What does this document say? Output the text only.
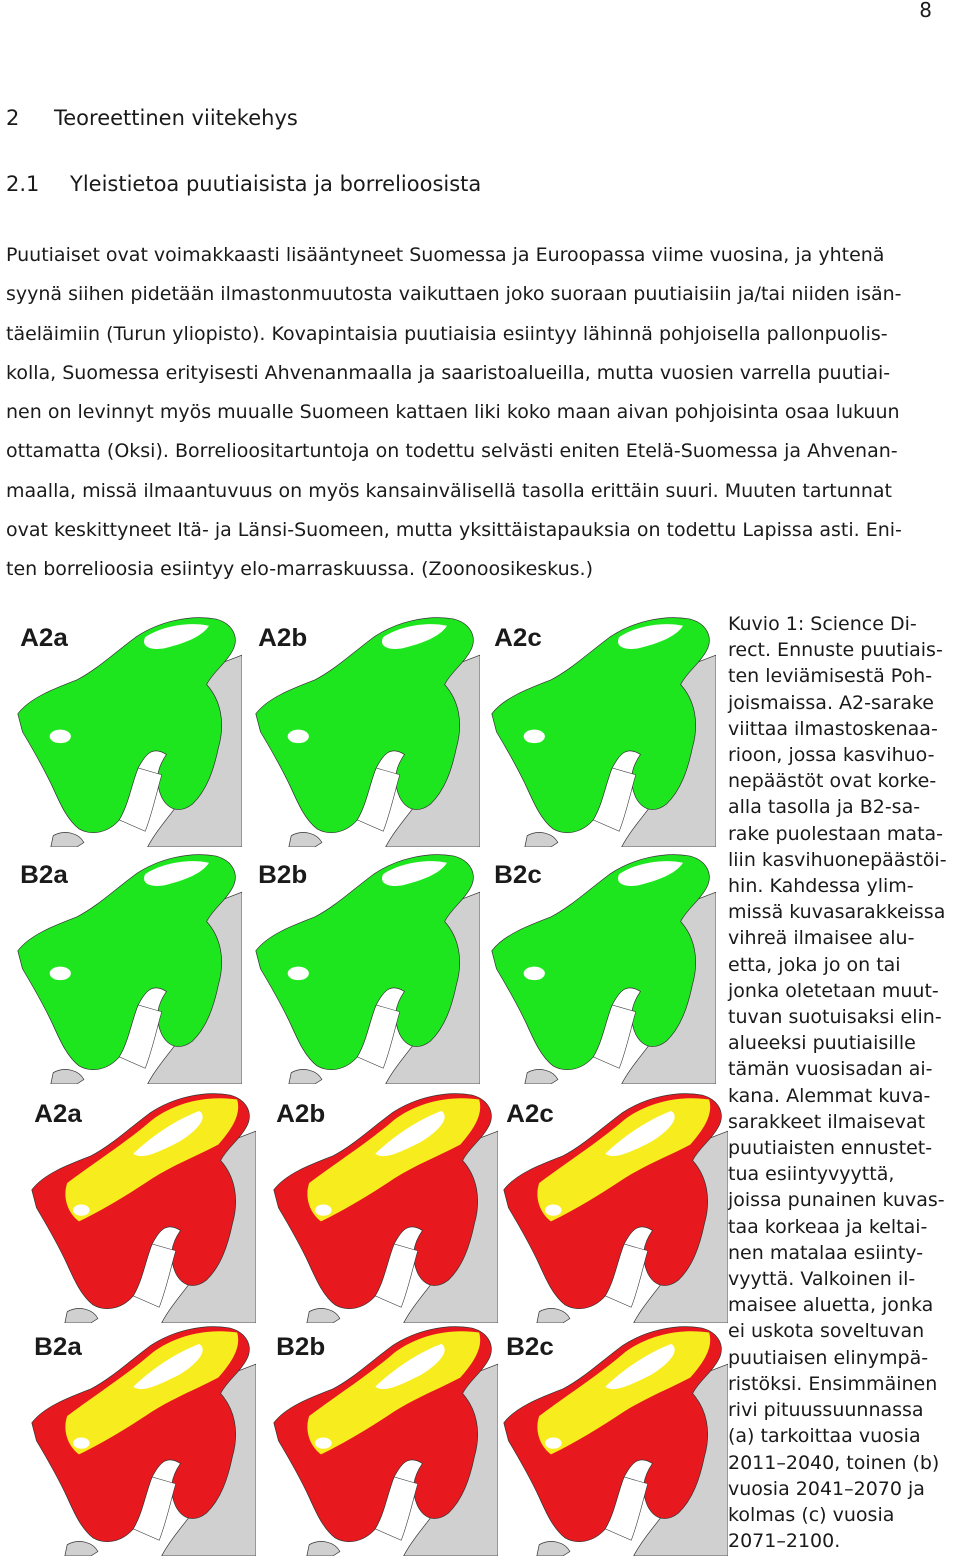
8
2 Teoreettinen viitekehys
2.1 Yleistietoa puutiaisista ja borrelioosista

Puutiaiset ovat voimakkaasti lisääntyneet Suomessa ja Euroopassa viime vuosina, ja yhtenä
syynä siihen pidetään ilmastonmuutosta vaikuttaen joko suoraan puutiaisiin ja/tai niiden isän-
täeläimiin (Turun yliopisto). Kovapintaisia puutiaisia esiintyy lähinnä pohjoisella pallonpuolis-
kolla, Suomessa erityisesti Ahvenanmaalla ja saaristoalueilla, mutta vuosien varrella puutiai-
nen on levinnyt myös muualle Suomeen kattaen liki koko maan aivan pohjoisinta osaa lukuun
ottamatta (Oksi). Borrelioositartuntoja on todettu selvästi eniten Etelä-Suomessa ja Ahvenan-
maalla, missä ilmaantuvuus on myös kansainvälisellä tasolla erittäin suuri. Muuten tartunnat
ovat keskittyneet Itä- ja Länsi-Suomeen, mutta yksittäistapauksia on todettu Lapissa asti. Eni-
ten borrelioosia esiintyy elo-marraskuussa. (Zoonoosikeskus.)

A2a	A2b	A2c
B2a	B2b	B2c
A2a	A2b	A2c
B2a	B2b	B2c
Kuvio 1: Science Di-
rect. Ennuste puutiais-
ten leviämisestä Poh-
joismaissa. A2-sarake
viittaa ilmastoskenaa-
rioon, jossa kasvihuo-
nepäästöt ovat korke-
alla tasolla ja B2-sa-
rake puolestaan mata-
liin kasvihuonepäästöi-
hin. Kahdessa ylim-
missä kuvasarakkeissa
vihreä ilmaisee alu-
etta, joka jo on tai
jonka oletetaan muut-
tuvan suotuisaksi elin-
alueeksi puutiaisille
tämän vuosisadan ai-
kana. Alemmat kuva-
sarakkeet ilmaisevat
puutiaisten ennustet-
tua esiintyvyyttä,
joissa punainen kuvas-
taa korkeaa ja keltai-
nen matalaa esiinty-
vyyttä. Valkoinen il-
maisee aluetta, jonka
ei uskota soveltuvan
puutiaisen elinympä-
ristöksi. Ensimmäinen
rivi pituussuunnassa
(a) tarkoittaa vuosia
2011–2040, toinen (b)
vuosia 2041–2070 ja
kolmas (c) vuosia
2071–2100.
